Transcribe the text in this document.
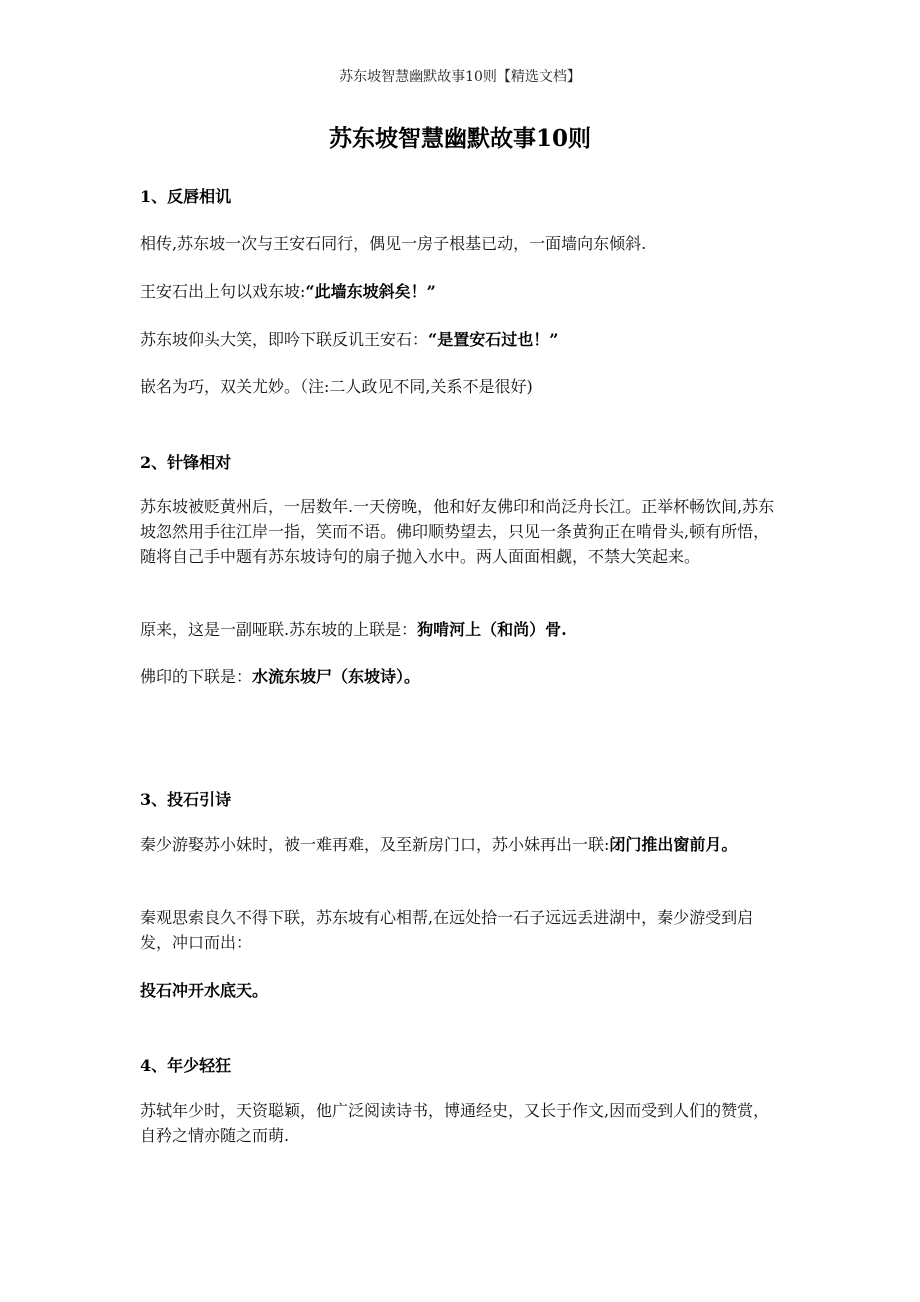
苏东坡智慧幽默故事10则【精选文档】
苏东坡智慧幽默故事10则
1、反唇相讥
相传,苏东坡一次与王安石同行，偶见一房子根基已动，一面墙向东倾斜.
王安石出上句以戏东坡:“此墙东坡斜矣！”
苏东坡仰头大笑，即吟下联反讥王安石：“是置安石过也！”
嵌名为巧，双关尤妙。（注:二人政见不同,关系不是很好)
2、针锋相对
苏东坡被贬黄州后，一居数年.一天傍晚，他和好友佛印和尚泛舟长江。正举杯畅饮间,苏东坡忽然用手往江岸一指，笑而不语。佛印顺势望去，只见一条黄狗正在啃骨头,顿有所悟，随将自己手中题有苏东坡诗句的扇子抛入水中。两人面面相觑，不禁大笑起来。
原来，这是一副哑联.苏东坡的上联是：狗啃河上（和尚）骨.
佛印的下联是：水流东坡尸（东坡诗）。
3、投石引诗
秦少游娶苏小妹时，被一难再难，及至新房门口，苏小妹再出一联:闭门推出窗前月。
秦观思索良久不得下联，苏东坡有心相帮,在远处拾一石子远远丢进湖中，秦少游受到启发，冲口而出：
投石冲开水底天。
4、年少轻狂
苏轼年少时，天资聪颖，他广泛阅读诗书，博通经史，又长于作文,因而受到人们的赞赏，自矜之情亦随之而萌.
